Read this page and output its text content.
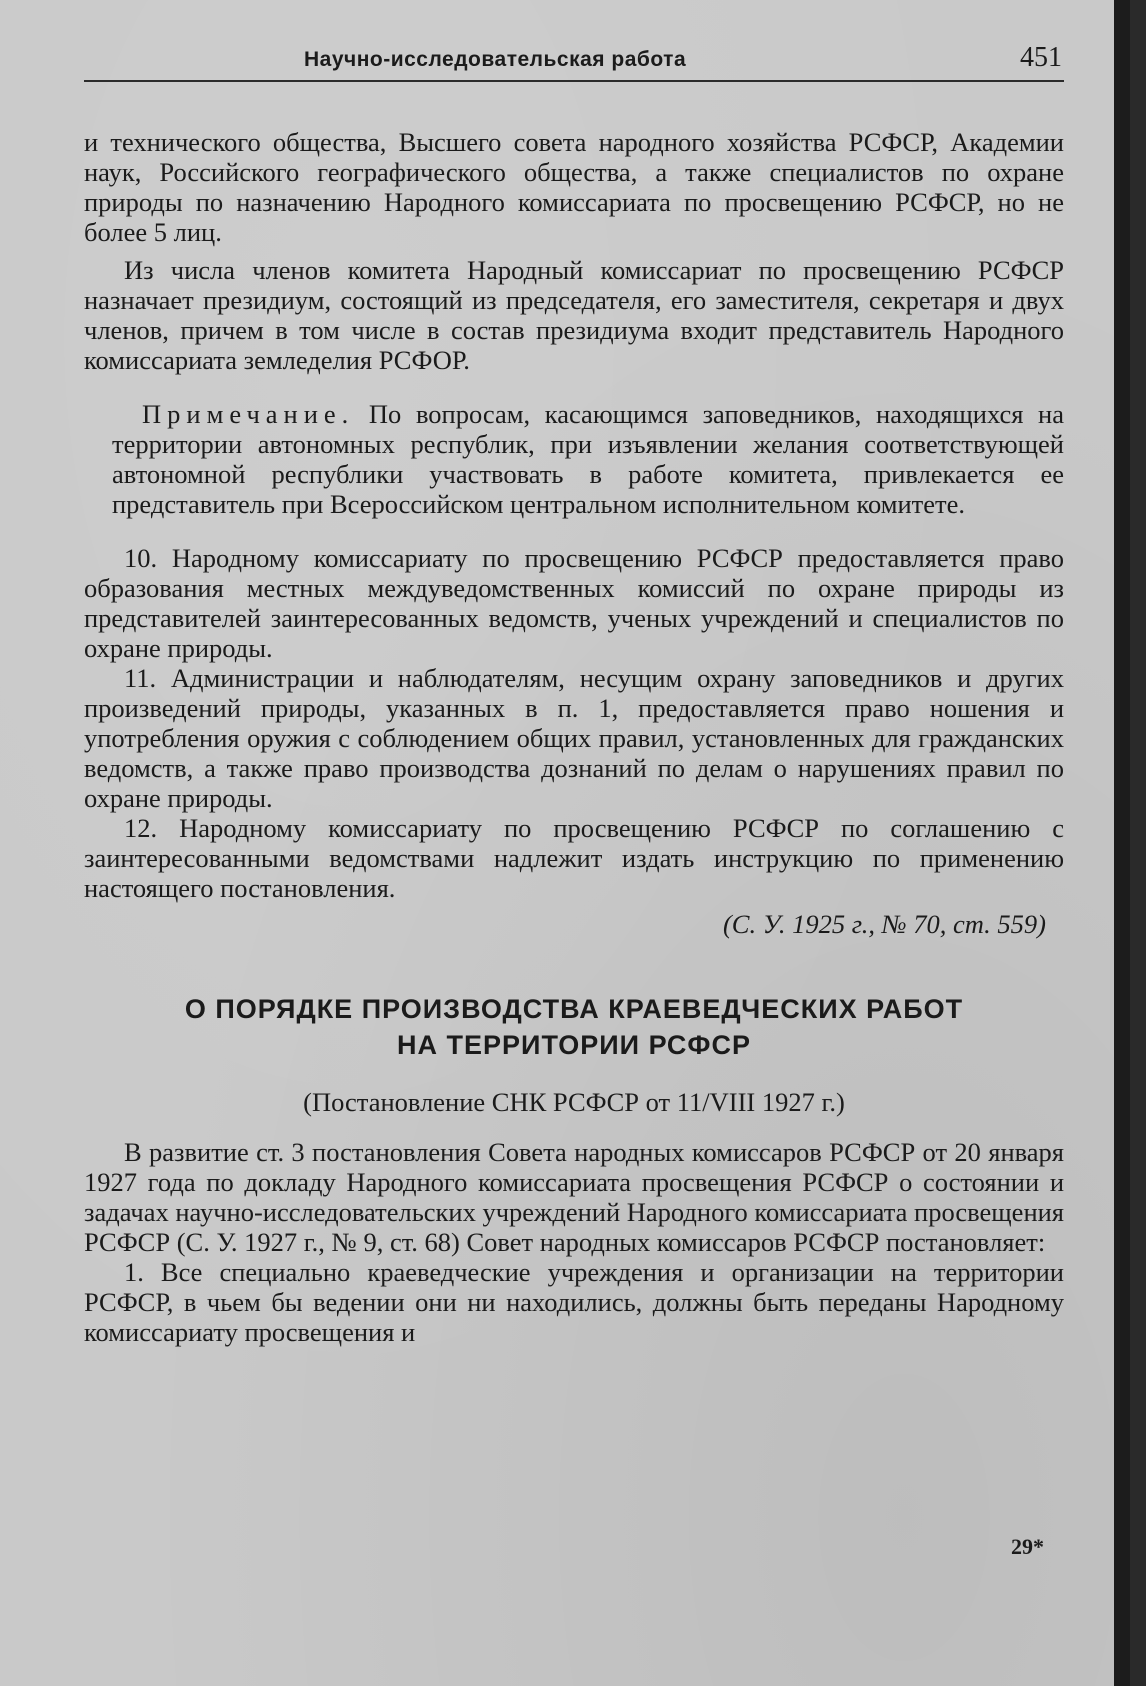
Научно-исследовательская работа	451

и технического общества, Высшего совета народного хозяйства РСФСР, Академии наук, Российского географического общества, а также специалистов по охране природы по назначению Народного комиссариата по просвещению РСФСР, но не более 5 лиц.

Из числа членов комитета Народный комиссариат по просвещению РСФСР назначает президиум, состоящий из председателя, его заместителя, секретаря и двух членов, причем в том числе в состав президиума входит представитель Народного комиссариата земледелия РСФОР.

Примечание. По вопросам, касающимся заповедников, находящихся на территории автономных республик, при изъявлении желания соответствующей автономной республики участвовать в работе комитета, привлекается ее представитель при Всероссийском центральном исполнительном комитете.

10. Народному комиссариату по просвещению РСФСР предоставляется право образования местных междуведомственных комиссий по охране природы из представителей заинтересованных ведомств, ученых учреждений и специалистов по охране природы.

11. Администрации и наблюдателям, несущим охрану заповедников и других произведений природы, указанных в п. 1, предоставляется право ношения и употребления оружия с соблюдением общих правил, установленных для гражданских ведомств, а также право производства дознаний по делам о нарушениях правил по охране природы.

12. Народному комиссариату по просвещению РСФСР по соглашению с заинтересованными ведомствами надлежит издать инструкцию по применению настоящего постановления.

(С. У. 1925 г., № 70, ст. 559)

О ПОРЯДКЕ ПРОИЗВОДСТВА КРАЕВЕДЧЕСКИХ РАБОТ
НА ТЕРРИТОРИИ РСФСР
(Постановление СНК РСФСР от 11/VIII 1927 г.)

В развитие ст. 3 постановления Совета народных комиссаров РСФСР от 20 января 1927 года по докладу Народного комиссариата просвещения РСФСР о состоянии и задачах научно-исследовательских учреждений Народного комиссариата просвещения РСФСР (С. У. 1927 г., № 9, ст. 68) Совет народных комиссаров РСФСР постановляет:

1. Все специально краеведческие учреждения и организации на территории РСФСР, в чьем бы ведении они ни находились, должны быть переданы Народному комиссариату просвещения и

29*
